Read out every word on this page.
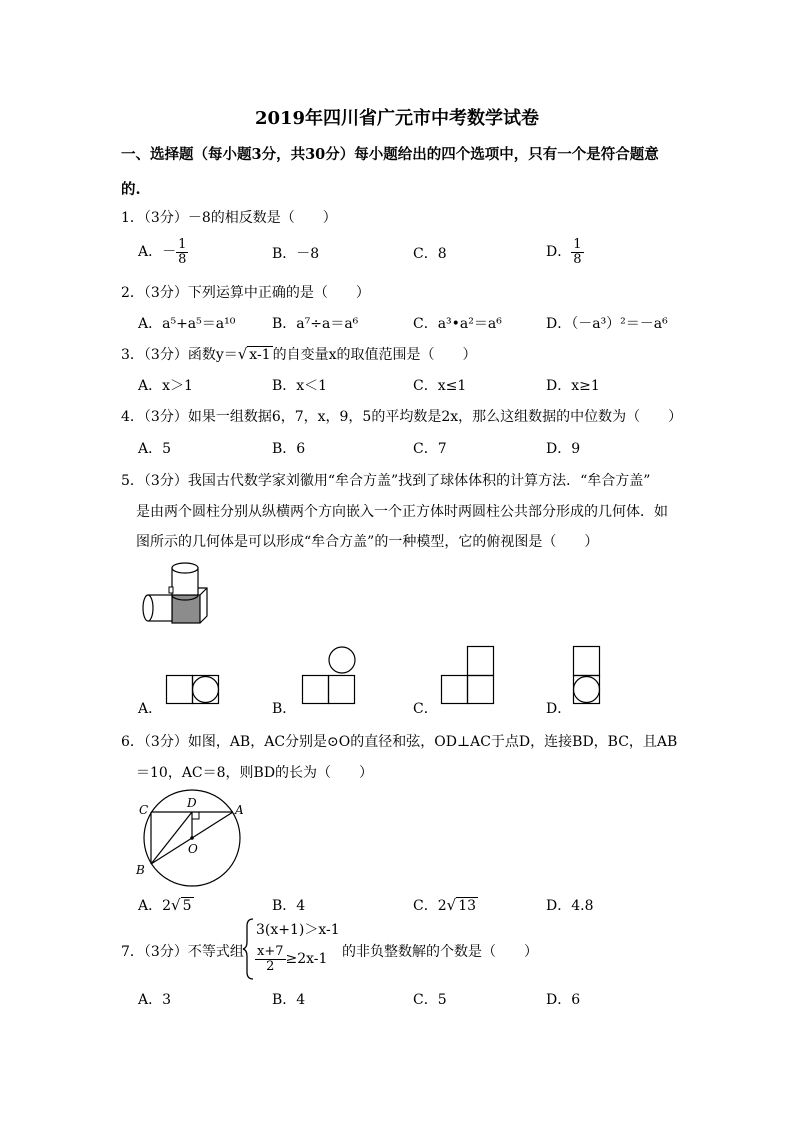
2019年四川省广元市中考数学试卷
一、选择题（每小题3分，共30分）每小题给出的四个选项中，只有一个是符合题意
的.
1．（3分）－8的相反数是（　　）
A．－ $\frac{1}{8}$	B．－8	C．8	D． $\frac{1}{8}$
2．（3分）下列运算中正确的是（　　）
A．a⁵+a⁵＝a¹⁰	B．a⁷÷a＝a⁶	C．a³•a²＝a⁶	D．（－a³）²＝－a⁶
3．（3分）函数y＝√ x-1 的自变量x的取值范围是（　　）
A．x＞1	B．x＜1	C．x≤1	D．x≥1
4．（3分）如果一组数据6，7，x，9，5的平均数是2x，那么这组数据的中位数为（　　）
A．5	B．6	C．7	D．9
5．（3分）我国古代数学家刘徽用“牟合方盖”找到了球体体积的计算方法．“牟合方盖”
是由两个圆柱分别从纵横两个方向嵌入一个正方体时两圆柱公共部分形成的几何体．如
图所示的几何体是可以形成“牟合方盖”的一种模型，它的俯视图是（　　）
A．	B．	C．	D．
6．（3分）如图，AB，AC分别是⊙O的直径和弦，OD⊥AC于点D，连接BD，BC，且AB
＝10，AC＝8，则BD的长为（　　）
C	D	A
O
B
A．2√ 5	B．4	C．2√ 13	D．4.8
7．（3分）不等式组
3(x+1)＞x-1
$\frac{x+7}{2} \ge 2x-1$ 的非负整数解的个数是（　　）
A．3	B．4	C．5	D．6
